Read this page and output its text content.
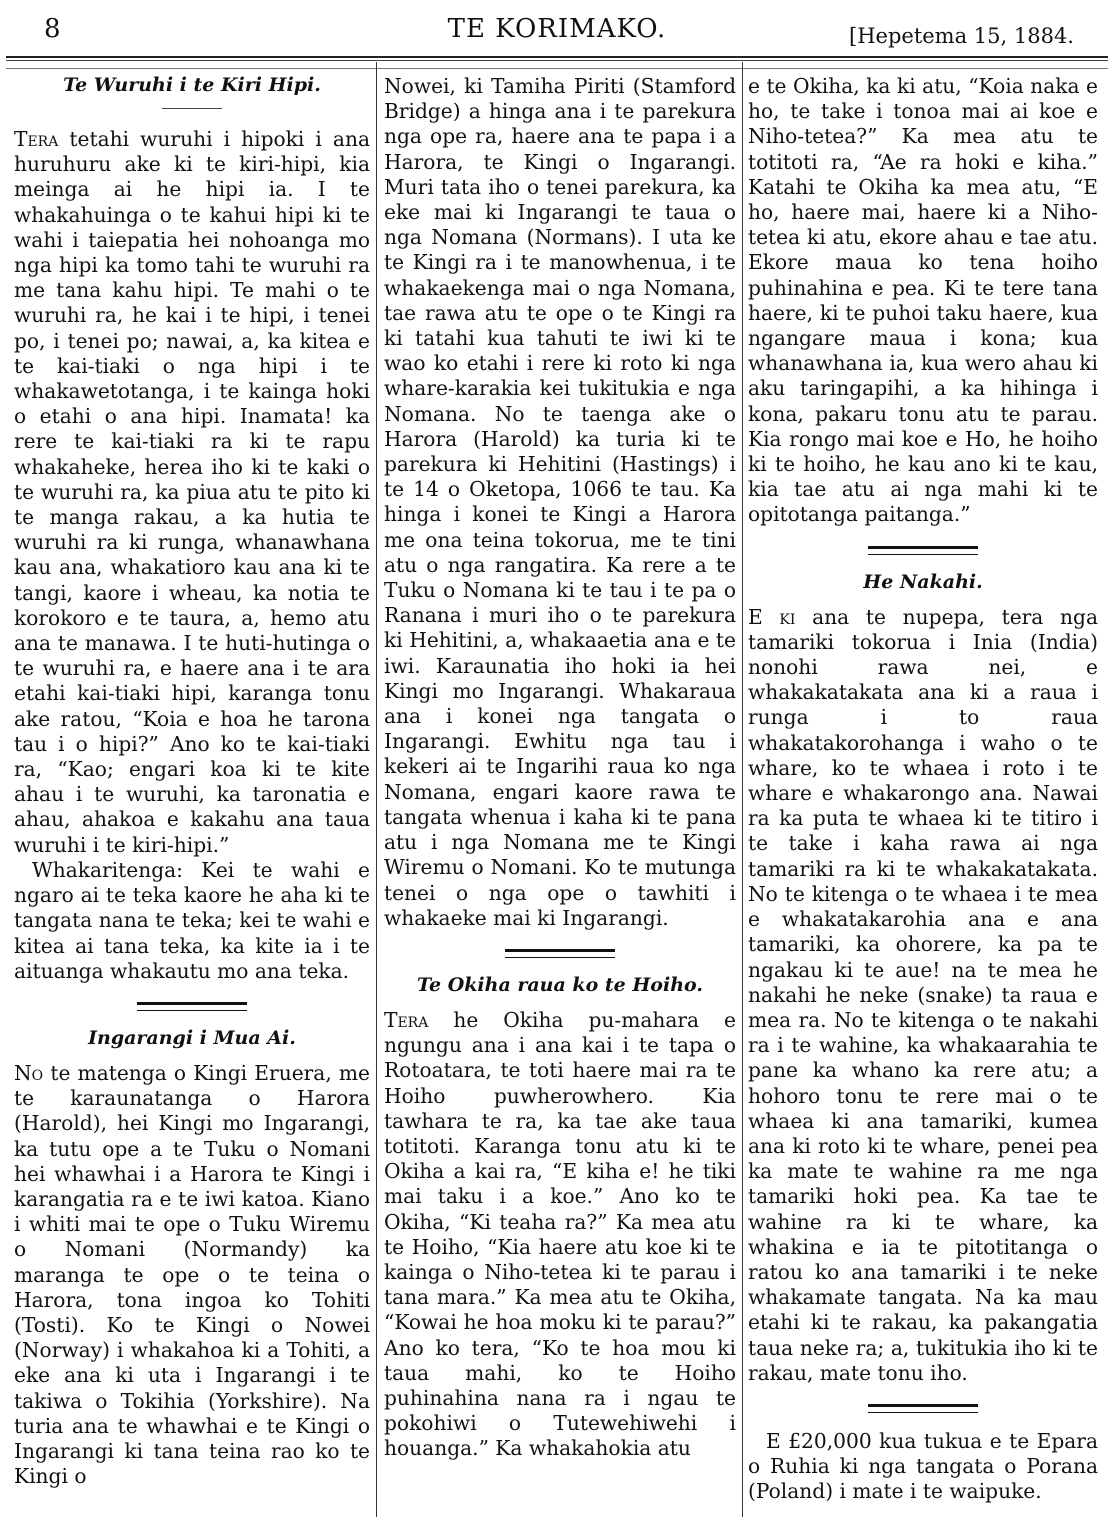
8	TE KORIMAKO.	[Hepetema 15, 1884.
Te Wuruhi i te Kiri Hipi.

Tera tetahi wuruhi i hipoki i ana huruhuru ake ki te kiri-hipi, kia meinga ai he hipi ia. I te whakahuinga o te kahui hipi ki te wahi i taiepatia hei nohoanga mo nga hipi ka tomo tahi te wuruhi ra me tana kahu hipi. Te mahi o te wuruhi ra, he kai i te hipi, i tenei po, i tenei po; nawai, a, ka kitea e te kai-tiaki o nga hipi i te whakawetotanga, i te kainga hoki o etahi o ana hipi. Inamata! ka rere te kai-tiaki ra ki te rapu whakaheke, herea iho ki te kaki o te wuruhi ra, ka piua atu te pito ki te manga rakau, a ka hutia te wuruhi ra ki runga, whanawhana kau ana, whakatioro kau ana ki te tangi, kaore i wheau, ka notia te korokoro e te taura, a, hemo atu ana te manawa. I te huti-hutinga o te wuruhi ra, e haere ana i te ara etahi kai-tiaki hipi, karanga tonu ake ratou, “Koia e hoa he tarona tau i o hipi?” Ano ko te kai-tiaki ra, “Kao; engari koa ki te kite ahau i te wuruhi, ka taronatia e ahau, ahakoa e kakahu ana taua wuruhi i te kiri-hipi.”

Whakaritenga: Kei te wahi e ngaro ai te teka kaore he aha ki te tangata nana te teka; kei te wahi e kitea ai tana teka, ka kite ia i te aituanga whakautu mo ana teka.

Ingarangi i Mua Ai.

No te matenga o Kingi Eruera, me te karaunatanga o Harora (Harold), hei Kingi mo Ingarangi, ka tutu ope a te Tuku o Nomani hei whawhai i a Harora te Kingi i karangatia ra e te iwi katoa. Kiano i whiti mai te ope o Tuku Wiremu o Nomani (Normandy) ka maranga te ope o te teina o Harora, tona ingoa ko Tohiti (Tosti). Ko te Kingi o Nowei (Norway) i whakahoa ki a Tohiti, a eke ana ki uta i Ingarangi i te takiwa o Tokihia (Yorkshire). Na turia ana te whawhai e te Kingi o Ingarangi ki tana teina rao ko te Kingi o

Nowei, ki Tamiha Piriti (Stamford Bridge) a hinga ana i te parekura nga ope ra, haere ana te papa i a Harora, te Kingi o Ingarangi. Muri tata iho o tenei parekura, ka eke mai ki Ingarangi te taua o nga Nomana (Normans). I uta ke te Kingi ra i te manowhenua, i te whakaekenga mai o nga Nomana, tae rawa atu te ope o te Kingi ra ki tatahi kua tahuti te iwi ki te wao ko etahi i rere ki roto ki nga whare-karakia kei tukitukia e nga Nomana. No te taenga ake o Harora (Harold) ka turia ki te parekura ki Hehitini (Hastings) i te 14 o Oketopa, 1066 te tau. Ka hinga i konei te Kingi a Harora me ona teina tokorua, me te tini atu o nga rangatira. Ka rere a te Tuku o Nomana ki te tau i te pa o Ranana i muri iho o te parekura ki Hehitini, a, whakaaetia ana e te iwi. Karaunatia iho hoki ia hei Kingi mo Ingarangi. Whakaraua ana i konei nga tangata o Ingarangi. Ewhitu nga tau i kekeri ai te Ingarihi raua ko nga Nomana, engari kaore rawa te tangata whenua i kaha ki te pana atu i nga Nomana me te Kingi Wiremu o Nomani. Ko te mutunga tenei o nga ope o tawhiti i whakaeke mai ki Ingarangi.

Te Okiha raua ko te Hoiho.

Tera he Okiha pu-mahara e ngungu ana i ana kai i te tapa o Rotoatara, te toti haere mai ra te Hoiho puwherowhero. Kia tawhara te ra, ka tae ake taua totitoti. Karanga tonu atu ki te Okiha a kai ra, “E kiha e! he tiki mai taku i a koe.” Ano ko te Okiha, “Ki teaha ra?” Ka mea atu te Hoiho, “Kia haere atu koe ki te kainga o Niho-tetea ki te parau i tana mara.” Ka mea atu te Okiha, “Kowai he hoa moku ki te parau?” Ano ko tera, “Ko te hoa mou ki taua mahi, ko te Hoiho puhinahina nana ra i ngau te pokohiwi o Tutewehiwehi i houanga.” Ka whakahokia atu

e te Okiha, ka ki atu, “Koia naka e ho, te take i tonoa mai ai koe e Niho-tetea?” Ka mea atu te totitoti ra, “Ae ra hoki e kiha.” Katahi te Okiha ka mea atu, “E ho, haere mai, haere ki a Niho-tetea ki atu, ekore ahau e tae atu. Ekore maua ko tena hoiho puhinahina e pea. Ki te tere tana haere, ki te puhoi taku haere, kua ngangare maua i kona; kua whanawhana ia, kua wero ahau ki aku taringapihi, a ka hihinga i kona, pakaru tonu atu te parau. Kia rongo mai koe e Ho, he hoiho ki te hoiho, he kau ano ki te kau, kia tae atu ai nga mahi ki te opitotanga paitanga.”

He Nakahi.

E ki ana te nupepa, tera nga tamariki tokorua i Inia (India) nonohi rawa nei, e whakakatakata ana ki a raua i runga i to raua whakatakorohanga i waho o te whare, ko te whaea i roto i te whare e whakarongo ana. Nawai ra ka puta te whaea ki te titiro i te take i kaha rawa ai nga tamariki ra ki te whakakatakata. No te kitenga o te whaea i te mea e whakatakarohia ana e ana tamariki, ka ohorere, ka pa te ngakau ki te aue! na te mea he nakahi he neke (snake) ta raua e mea ra. No te kitenga o te nakahi ra i te wahine, ka whakaarahia te pane ka whano ka rere atu; a hohoro tonu te rere mai o te whaea ki ana tamariki, kumea ana ki roto ki te whare, penei pea ka mate te wahine ra me nga tamariki hoki pea. Ka tae te wahine ra ki te whare, ka whakina e ia te pitotitanga o ratou ko ana tamariki i te neke whakamate tangata. Na ka mau etahi ki te rakau, ka pakangatia taua neke ra; a, tukitukia iho ki te rakau, mate tonu iho.

E £20,000 kua tukua e te Epara o Ruhia ki nga tangata o Porana (Poland) i mate i te waipuke.
